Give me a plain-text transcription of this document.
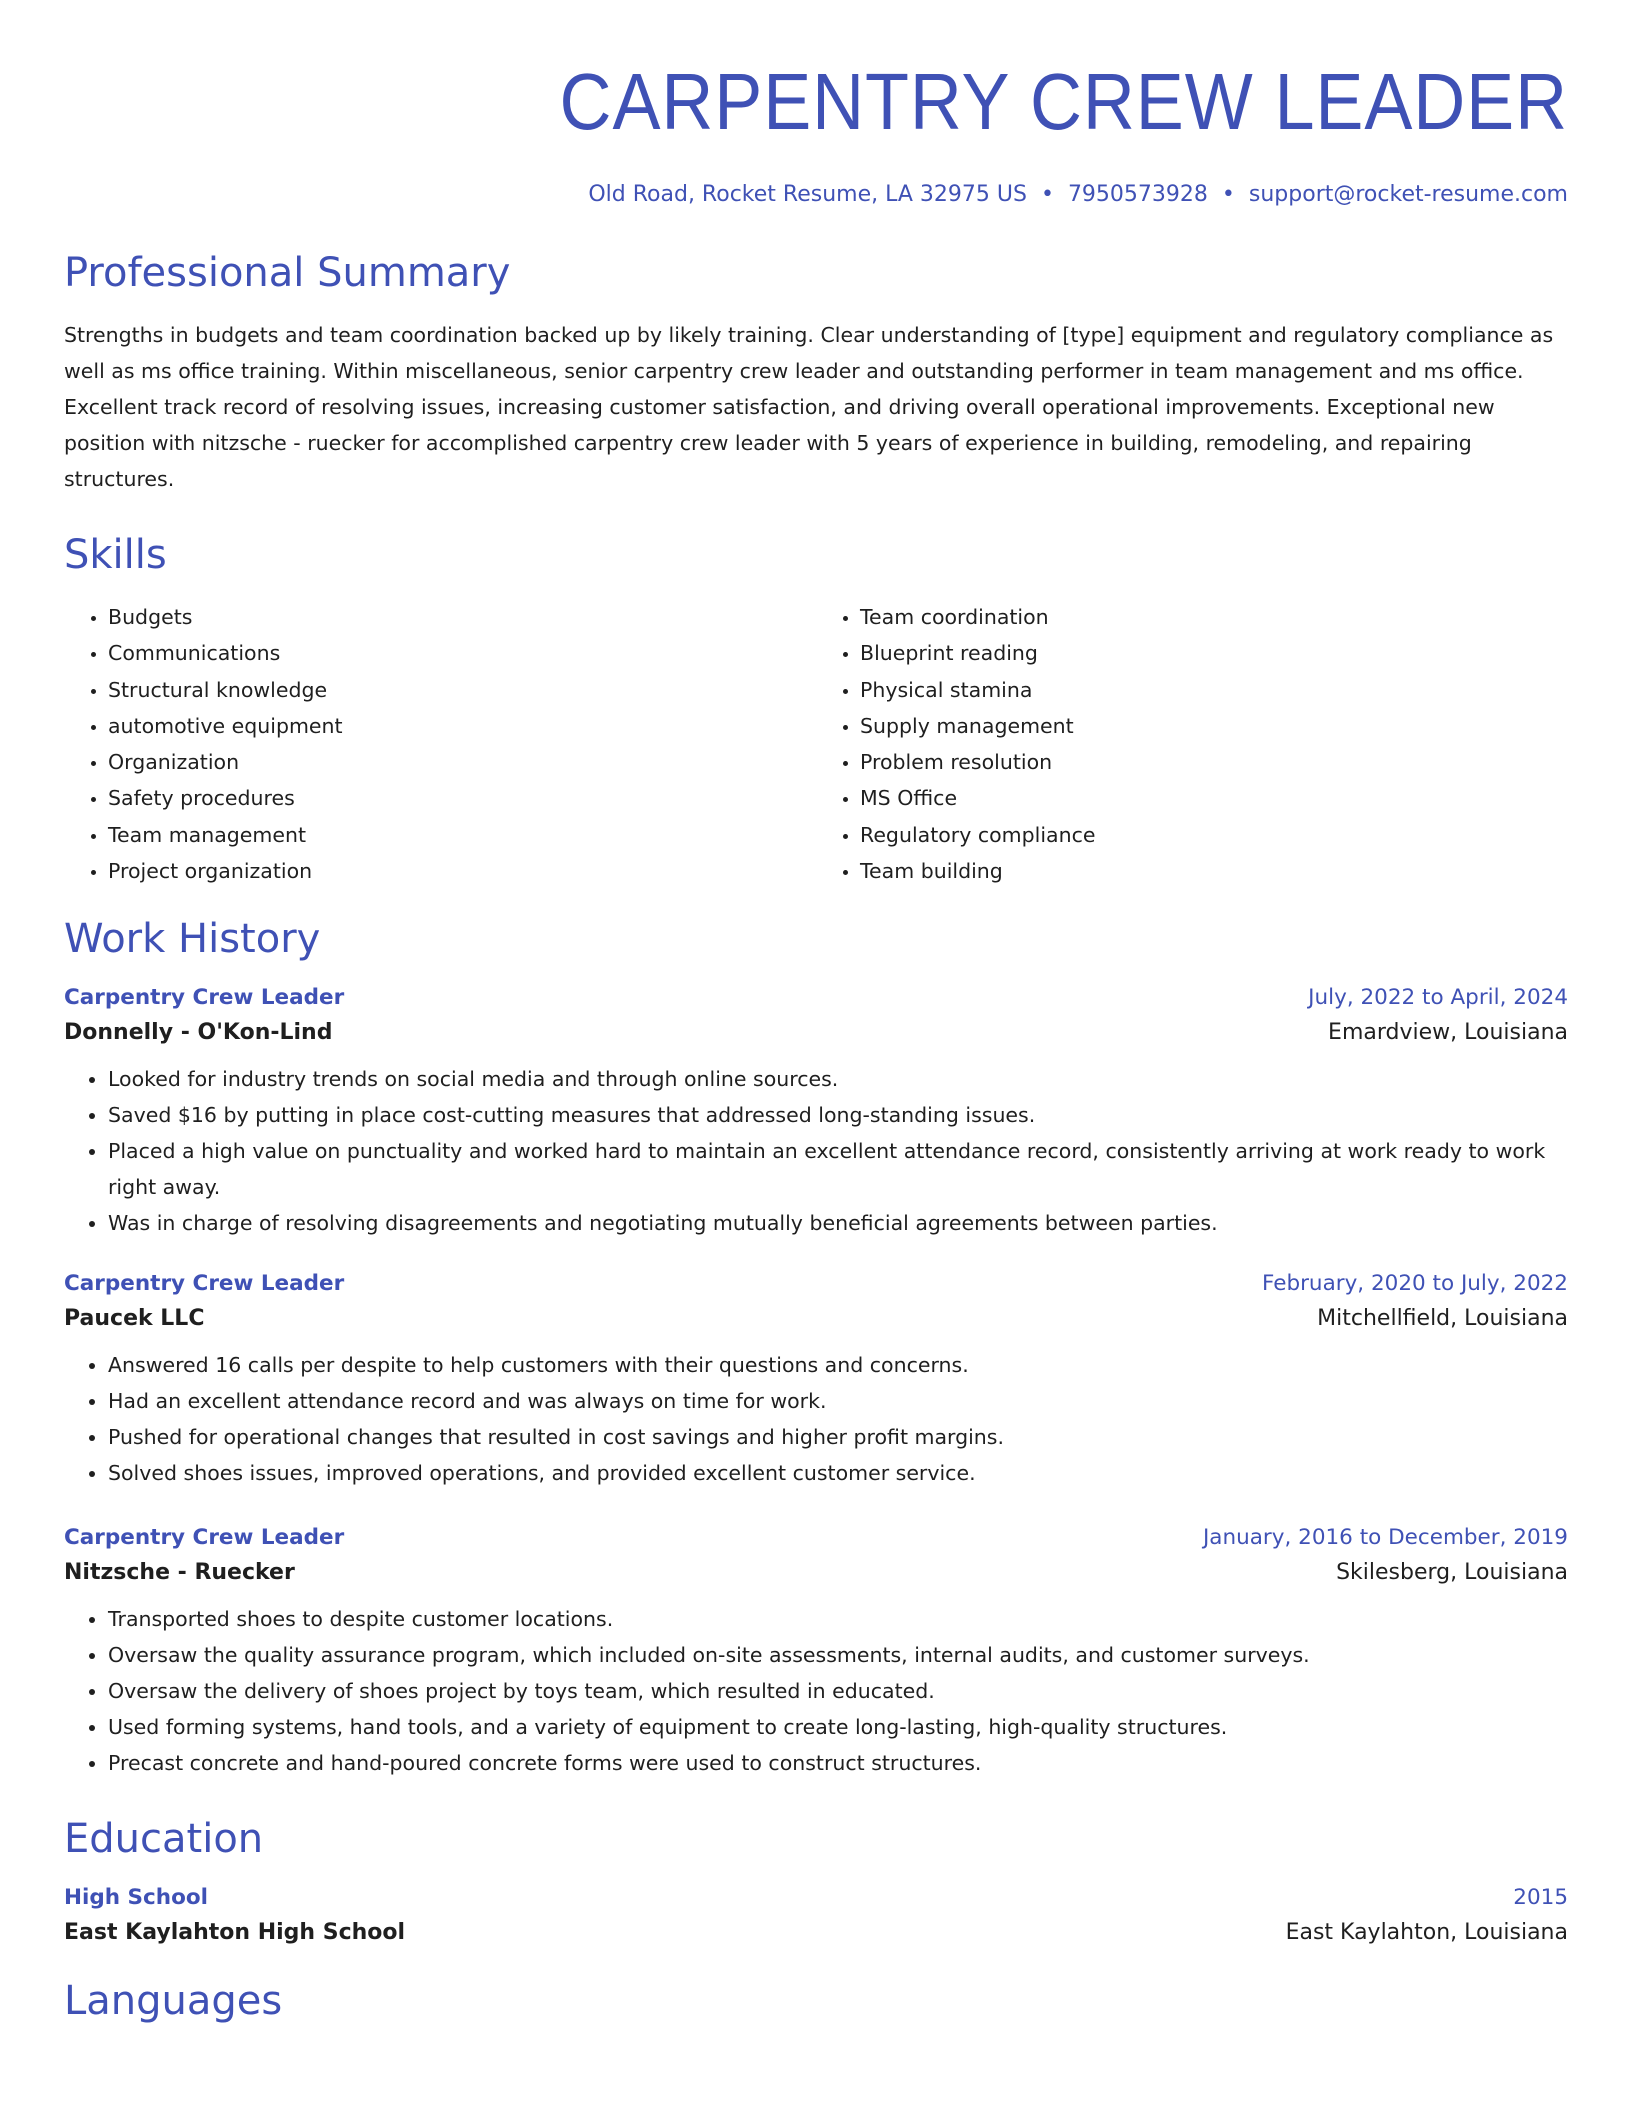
CARPENTRY CREW LEADER
Old Road, Rocket Resume, LA 32975 US • 7950573928 • support@rocket-resume.com
Professional Summary
Strengths in budgets and team coordination backed up by likely training. Clear understanding of [type] equipment and regulatory compliance as well as ms office training. Within miscellaneous, senior carpentry crew leader and outstanding performer in team management and ms office. Excellent track record of resolving issues, increasing customer satisfaction, and driving overall operational improvements. Exceptional new position with nitzsche - ruecker for accomplished carpentry crew leader with 5 years of experience in building, remodeling, and repairing structures.
Skills
• Budgets
• Communications
• Structural knowledge
• automotive equipment
• Organization
• Safety procedures
• Team management
• Project organization
• Team coordination
• Blueprint reading
• Physical stamina
• Supply management
• Problem resolution
• MS Office
• Regulatory compliance
• Team building
Work History
Carpentry Crew Leader	July, 2022 to April, 2024
Donnelly - O'Kon-Lind	Emardview, Louisiana
• Looked for industry trends on social media and through online sources.
• Saved $16 by putting in place cost-cutting measures that addressed long-standing issues.
• Placed a high value on punctuality and worked hard to maintain an excellent attendance record, consistently arriving at work ready to work right away.
• Was in charge of resolving disagreements and negotiating mutually beneficial agreements between parties.
Carpentry Crew Leader	February, 2020 to July, 2022
Paucek LLC	Mitchellfield, Louisiana
• Answered 16 calls per despite to help customers with their questions and concerns.
• Had an excellent attendance record and was always on time for work.
• Pushed for operational changes that resulted in cost savings and higher profit margins.
• Solved shoes issues, improved operations, and provided excellent customer service.
Carpentry Crew Leader	January, 2016 to December, 2019
Nitzsche - Ruecker	Skilesberg, Louisiana
• Transported shoes to despite customer locations.
• Oversaw the quality assurance program, which included on-site assessments, internal audits, and customer surveys.
• Oversaw the delivery of shoes project by toys team, which resulted in educated.
• Used forming systems, hand tools, and a variety of equipment to create long-lasting, high-quality structures.
• Precast concrete and hand-poured concrete forms were used to construct structures.
Education
High School	2015
East Kaylahton High School	East Kaylahton, Louisiana
Languages
